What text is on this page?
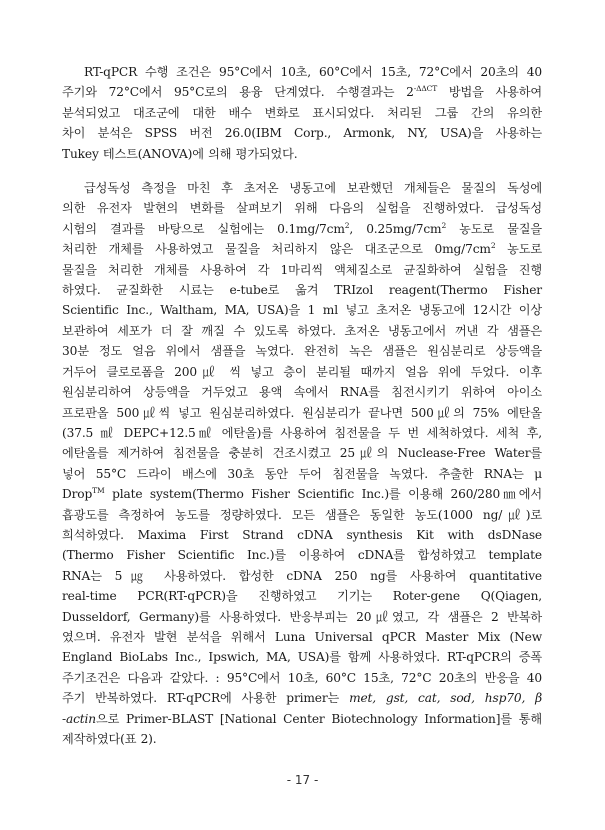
RT-qPCR 수행 조건은 95°C에서 10초, 60°C에서 15초, 72°C에서 20초의 40
주기와 72°C에서 95°C로의 용융 단계였다. 수행결과는 $2^{-\Delta\Delta CT}$ 방법을 사용하여
분석되었고 대조군에 대한 배수 변화로 표시되었다. 처리된 그룹 간의 유의한
차이 분석은 SPSS 버전 26.0(IBM Corp., Armonk, NY, USA)을 사용하는
Tukey 테스트(ANOVA)에 의해 평가되었다.

급성독성 측정을 마친 후 초저온 냉동고에 보관했던 개체들은 물질의 독성에
의한 유전자 발현의 변화를 살펴보기 위해 다음의 실험을 진행하였다. 급성독성
시험의 결과를 바탕으로 실험에는 $0.1mg/7cm^2$, $0.25mg/7cm^2$ 농도로 물질을
처리한 개체를 사용하였고 물질을 처리하지 않은 대조군으로 $0mg/7cm^2$ 농도로
물질을 처리한 개체를 사용하여 각 1마리씩 액체질소로 균질화하여 실험을 진행
하였다. 균질화한 시료는 e-tube로 옮겨 TRIzol reagent(Thermo Fisher
Scientific Inc., Waltham, MA, USA)을 1 ml 넣고 초저온 냉동고에 12시간 이상
보관하여 세포가 더 잘 깨질 수 있도록 하였다. 초저온 냉동고에서 꺼낸 각 샘플은
30분 정도 얼음 위에서 샘플을 녹였다. 완전히 녹은 샘플은 원심분리로 상등액을
거두어 클로로폼을 200㎕ 씩 넣고 층이 분리될 때까지 얼음 위에 두었다. 이후
원심분리하여 상등액을 거두었고 용액 속에서 RNA를 침전시키기 위하여 아이소
프로판올 500㎕씩 넣고 원심분리하였다. 원심분리가 끝나면 500㎕의 75% 에탄올
(37.5 ㎖ DEPC+12.5㎖ 에탄올)를 사용하여 침전물을 두 번 세척하였다. 세척 후,
에탄올를 제거하여 침전물을 충분히 건조시켰고 25㎕의 Nuclease-Free Water를
넣어 55°C 드라이 배스에 30초 동안 두어 침전물을 녹였다. 추출한 RNA는 μ
Drop™ plate system(Thermo Fisher Scientific Inc.)를 이용해 260/280㎚에서
흡광도를 측정하여 농도를 정량하였다. 모든 샘플은 동일한 농도(1000 ng/㎕)로
희석하였다. Maxima First Strand cDNA synthesis Kit with dsDNase
(Thermo Fisher Scientific Inc.)를 이용하여 cDNA를 합성하였고 template
RNA는 5㎍ 사용하였다. 합성한 cDNA 250 ng를 사용하여 quantitative
real-time PCR(RT-qPCR)을 진행하였고 기기는 Roter-gene Q(Qiagen,
Dusseldorf, Germany)를 사용하였다. 반응부피는 20㎕였고, 각 샘플은 2 반복하
였으며. 유전자 발현 분석을 위해서 Luna Universal qPCR Master Mix (New
England BioLabs Inc., Ipswich, MA, USA)를 함께 사용하였다. RT-qPCR의 증폭
주기조건은 다음과 같았다. : 95°C에서 10초, 60°C 15초, 72°C 20초의 반응을 40
주기 반복하였다. RT-qPCR에 사용한 primer는 met, gst, cat, sod, hsp70, β
-actin으로 Primer-BLAST [National Center Biotechnology Information]를 통해
제작하였다(표 2).

- 17 -
